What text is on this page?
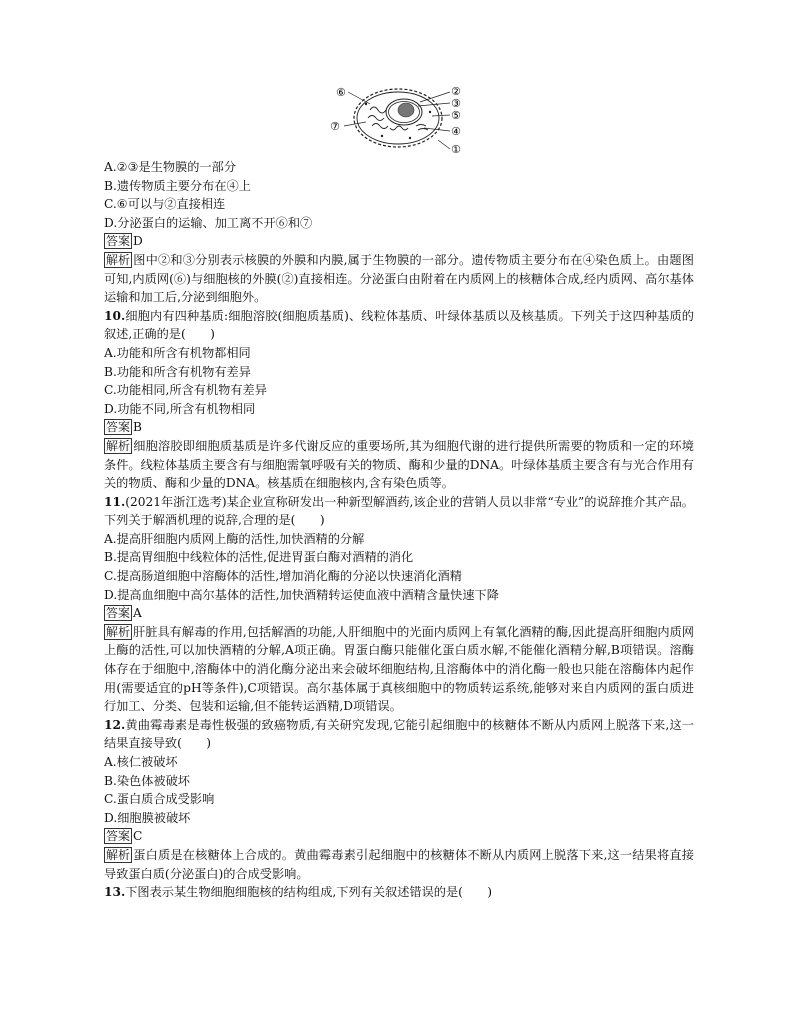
⑥	②
③
⑤
⑦	④
①
A.②③是生物膜的一部分
B.遗传物质主要分布在④上
C.⑥可以与②直接相连
D.分泌蛋白的运输、加工离不开⑥和⑦
答案 D
解析 图中②和③分别表示核膜的外膜和内膜,属于生物膜的一部分。遗传物质主要分布在④染色质上。由题图可知,内质网(⑥)与细胞核的外膜(②)直接相连。分泌蛋白由附着在内质网上的核糖体合成,经内质网、高尔基体运输和加工后,分泌到细胞外。
10.细胞内有四种基质:细胞溶胶(细胞质基质)、线粒体基质、叶绿体基质以及核基质。下列关于这四种基质的叙述,正确的是(　　)
A.功能和所含有机物都相同
B.功能和所含有机物有差异
C.功能相同,所含有机物有差异
D.功能不同,所含有机物相同
答案 B
解析 细胞溶胶即细胞质基质是许多代谢反应的重要场所,其为细胞代谢的进行提供所需要的物质和一定的环境条件。线粒体基质主要含有与细胞需氧呼吸有关的物质、酶和少量的DNA。叶绿体基质主要含有与光合作用有关的物质、酶和少量的DNA。核基质在细胞核内,含有染色质等。
11.(2021年浙江选考)某企业宣称研发出一种新型解酒药,该企业的营销人员以非常“专业”的说辞推介其产品。下列关于解酒机理的说辞,合理的是(　　)
A.提高肝细胞内质网上酶的活性,加快酒精的分解
B.提高胃细胞中线粒体的活性,促进胃蛋白酶对酒精的消化
C.提高肠道细胞中溶酶体的活性,增加消化酶的分泌以快速消化酒精
D.提高血细胞中高尔基体的活性,加快酒精转运使血液中酒精含量快速下降
答案 A
解析 肝脏具有解毒的作用,包括解酒的功能,人肝细胞中的光面内质网上有氧化酒精的酶,因此提高肝细胞内质网上酶的活性,可以加快酒精的分解,A项正确。胃蛋白酶只能催化蛋白质水解,不能催化酒精分解,B项错误。溶酶体存在于细胞中,溶酶体中的消化酶分泌出来会破坏细胞结构,且溶酶体中的消化酶一般也只能在溶酶体内起作用(需要适宜的pH等条件),C项错误。高尔基体属于真核细胞中的物质转运系统,能够对来自内质网的蛋白质进行加工、分类、包装和运输,但不能转运酒精,D项错误。
12.黄曲霉毒素是毒性极强的致癌物质,有关研究发现,它能引起细胞中的核糖体不断从内质网上脱落下来,这一结果直接导致(　　)
A.核仁被破坏
B.染色体被破坏
C.蛋白质合成受影响
D.细胞膜被破坏
答案 C
解析 蛋白质是在核糖体上合成的。黄曲霉毒素引起细胞中的核糖体不断从内质网上脱落下来,这一结果将直接导致蛋白质(分泌蛋白)的合成受影响。
13.下图表示某生物细胞细胞核的结构组成,下列有关叙述错误的是(　　)
